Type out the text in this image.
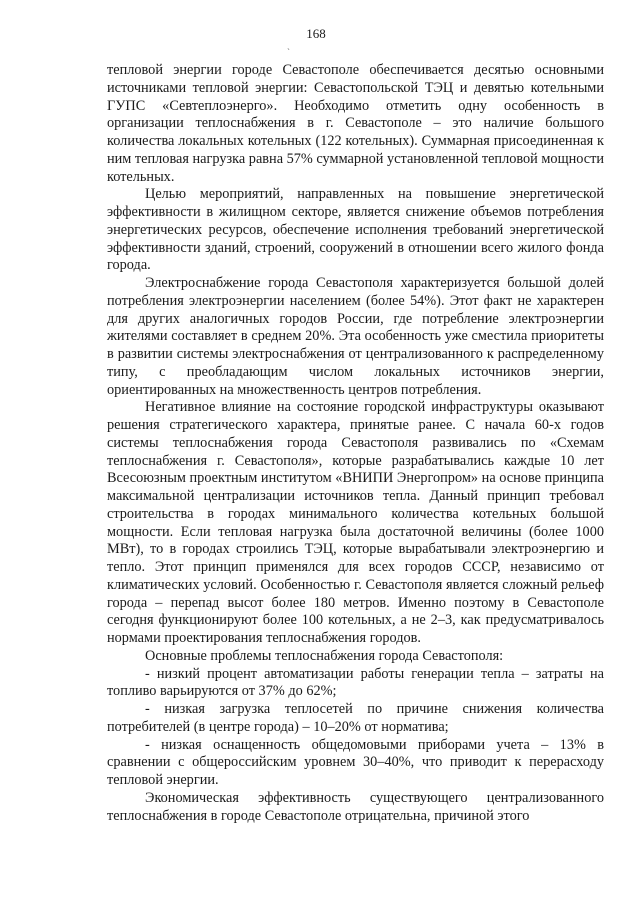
168
ˏ

тепловой энергии городе Севастополе обеспечивается десятью основными источниками тепловой энергии: Севастопольской ТЭЦ и девятью котельными ГУПС «Севтеплоэнерго». Необходимо отметить одну особенность в организации теплоснабжения в г. Севастополе – это наличие большого количества локальных котельных (122 котельных). Суммарная присоединенная к ним тепловая нагрузка равна 57% суммарной установленной тепловой мощности котельных.

Целью мероприятий, направленных на повышение энергетической эффективности в жилищном секторе, является снижение объемов потребления энергетических ресурсов, обеспечение исполнения требований энергетической эффективности зданий, строений, сооружений в отношении всего жилого фонда города.

Электроснабжение города Севастополя характеризуется большой долей потребления электроэнергии населением (более 54%). Этот факт не характерен для других аналогичных городов России, где потребление электроэнергии жителями составляет в среднем 20%. Эта особенность уже сместила приоритеты в развитии системы электроснабжения от централизованного к распределенному типу, с преобладающим числом локальных источников энергии, ориентированных на множественность центров потребления.

Негативное влияние на состояние городской инфраструктуры оказывают решения стратегического характера, принятые ранее. С начала 60-х годов системы теплоснабжения города Севастополя развивались по «Схемам теплоснабжения г. Севастополя», которые разрабатывались каждые 10 лет Всесоюзным проектным институтом «ВНИПИ Энергопром» на основе принципа максимальной централизации источников тепла. Данный принцип требовал строительства в городах минимального количества котельных большой мощности. Если тепловая нагрузка была достаточной величины (более 1000 МВт), то в городах строились ТЭЦ, которые вырабатывали электроэнергию и тепло. Этот принцип применялся для всех городов СССР, независимо от климатических условий. Особенностью г. Севастополя является сложный рельеф города – перепад высот более 180 метров. Именно поэтому в Севастополе сегодня функционируют более 100 котельных, а не 2–3, как предусматривалось нормами проектирования теплоснабжения городов.

Основные проблемы теплоснабжения города Севастополя:

- низкий процент автоматизации работы генерации тепла – затраты на топливо варьируются от 37% до 62%;

- низкая загрузка теплосетей по причине снижения количества потребителей (в центре города) – 10–20% от норматива;

- низкая оснащенность общедомовыми приборами учета – 13% в сравнении с общероссийским уровнем 30–40%, что приводит к перерасходу тепловой энергии.

Экономическая эффективность существующего централизованного теплоснабжения в городе Севастополе отрицательна, причиной этого
